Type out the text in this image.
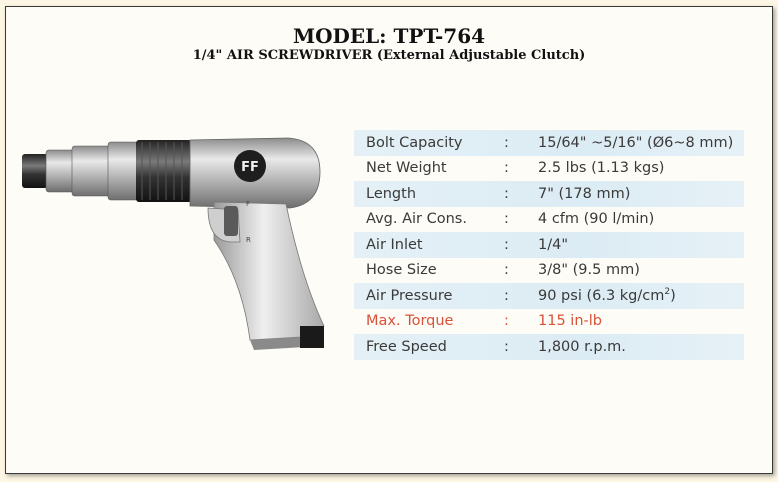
MODEL: TPT-764
1/4" AIR SCREWDRIVER (External Adjustable Clutch)
FF
F
R
Bolt Capacity	: 15/64" ~5/16" (Ø6~8 mm)
Net Weight	: 2.5 lbs (1.13 kgs)
Length	: 7" (178 mm)
Avg. Air Cons.	: 4 cfm (90 l/min)
Air Inlet	: 1/4"
Hose Size	: 3/8" (9.5 mm)
Air Pressure	: 90 psi (6.3 $kg/cm^2$)
Max. Torque	: 115 in-lb
Free Speed	: 1,800 r.p.m.
